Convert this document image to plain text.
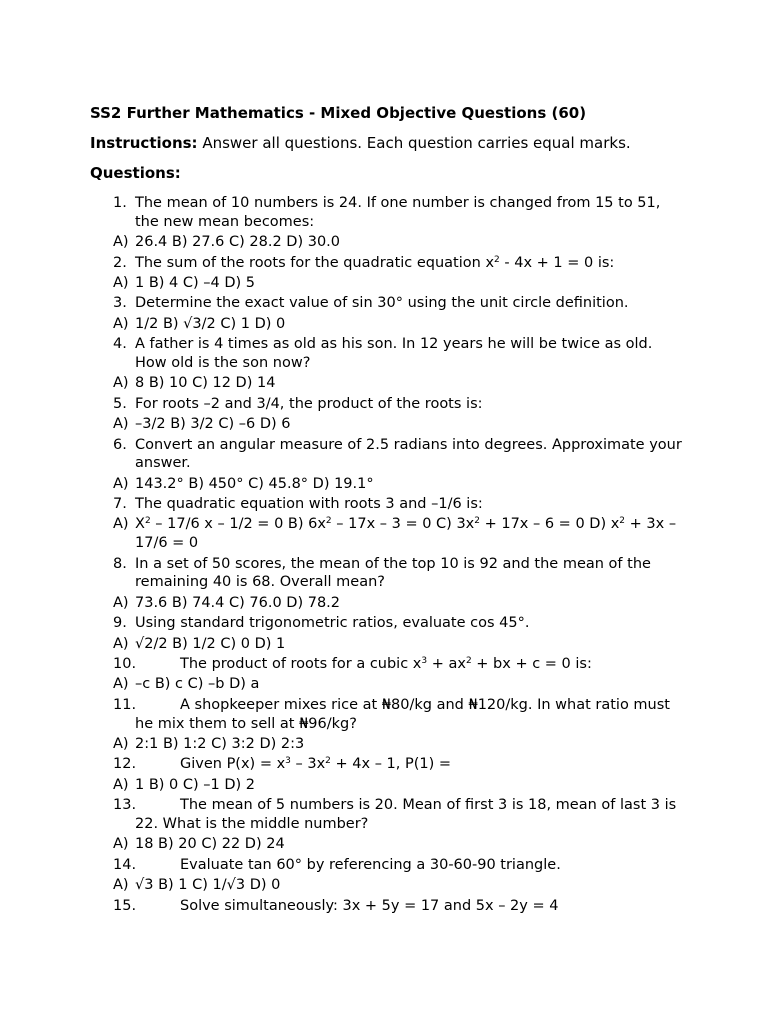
SS2 Further Mathematics - Mixed Objective Questions (60)
Instructions: Answer all questions. Each question carries equal marks.
Questions:
1. The mean of 10 numbers is 24. If one number is changed from 15 to 51, the new mean becomes:
A) 26.4 B) 27.6 C) 28.2 D) 30.0
2. The sum of the roots for the quadratic equation $x^2 - 4x + 1 = 0$ is:
A) 1 B) 4 C) –4 D) 5
3. Determine the exact value of sin 30° using the unit circle definition.
A) 1/2 B) √3/2 C) 1 D) 0
4. A father is 4 times as old as his son. In 12 years he will be twice as old. How old is the son now?
A) 8 B) 10 C) 12 D) 14
5. For roots –2 and 3/4, the product of the roots is:
A) –3/2 B) 3/2 C) –6 D) 6
6. Convert an angular measure of 2.5 radians into degrees. Approximate your answer.
A) 143.2° B) 450° C) 45.8° D) 19.1°
7. The quadratic equation with roots 3 and –1/6 is:
A) $X^2 - 17/6$ x – 1/2 = 0 B) $6x^2 - 17x - 3 = 0$ C) $3x^2 + 17x - 6 = 0$ D) $x^2 + 3x - 17/6 = 0$
8. In a set of 50 scores, the mean of the top 10 is 92 and the mean of the remaining 40 is 68. Overall mean?
A) 73.6 B) 74.4 C) 76.0 D) 78.2
9. Using standard trigonometric ratios, evaluate cos 45°.
A) √2/2 B) 1/2 C) 0 D) 1
10.	The product of roots for a cubic $x^3 + ax^2$ + bx + c = 0 is:
A) –c B) c C) –b D) a
11.	A shopkeeper mixes rice at ₦80/kg and ₦120/kg. In what ratio must he mix them to sell at ₦96/kg?
A) 2:1 B) 1:2 C) 3:2 D) 2:3
12.	Given $P(x) = x^3 - 3x^2 + 4x - 1$, P(1) =
A) 1 B) 0 C) –1 D) 2
13.	The mean of 5 numbers is 20. Mean of first 3 is 18, mean of last 3 is 22. What is the middle number?
A) 18 B) 20 C) 22 D) 24
14.	Evaluate tan 60° by referencing a 30-60-90 triangle.
A) √3 B) 1 C) 1/√3 D) 0
15.	Solve simultaneously: 3x + 5y = 17 and 5x – 2y = 4
